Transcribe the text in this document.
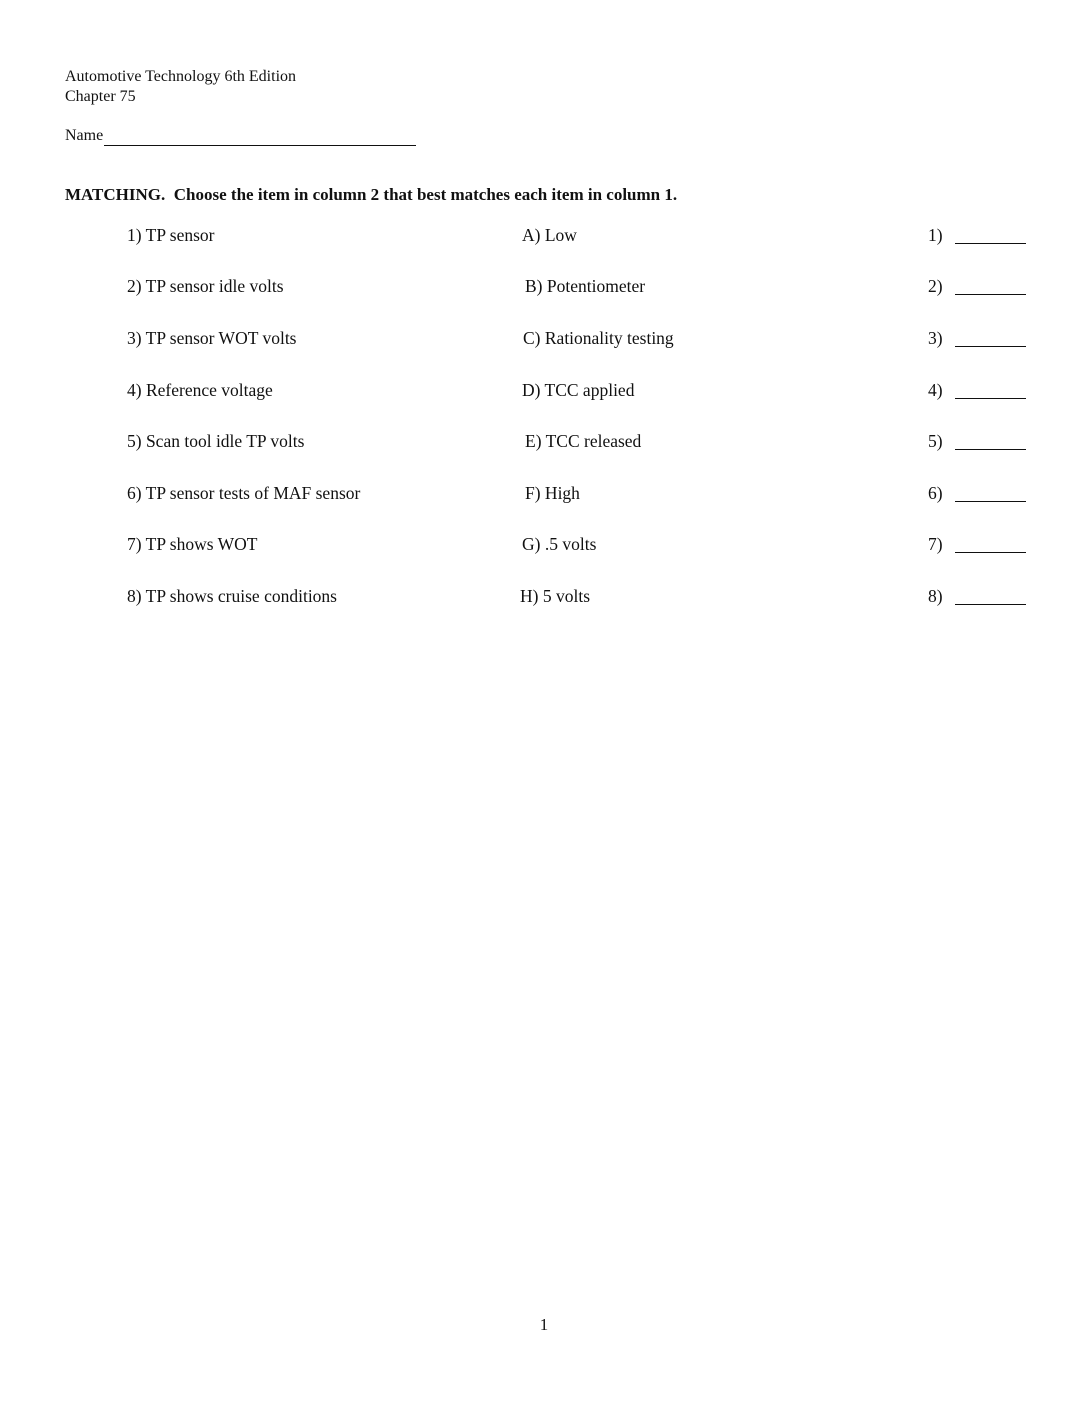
Automotive Technology 6th Edition
Chapter 75
Name
MATCHING.  Choose the item in column 2 that best matches each item in column 1.
1) TP sensor	A) Low	1)
2) TP sensor idle volts	B) Potentiometer	2)
3) TP sensor WOT volts	C) Rationality testing	3)
4) Reference voltage	D) TCC applied	4)
5) Scan tool idle TP volts	E) TCC released	5)
6) TP sensor tests of MAF sensor	F) High	6)
7) TP shows WOT	G) .5 volts	7)
8) TP shows cruise conditions	H) 5 volts	8)
1
